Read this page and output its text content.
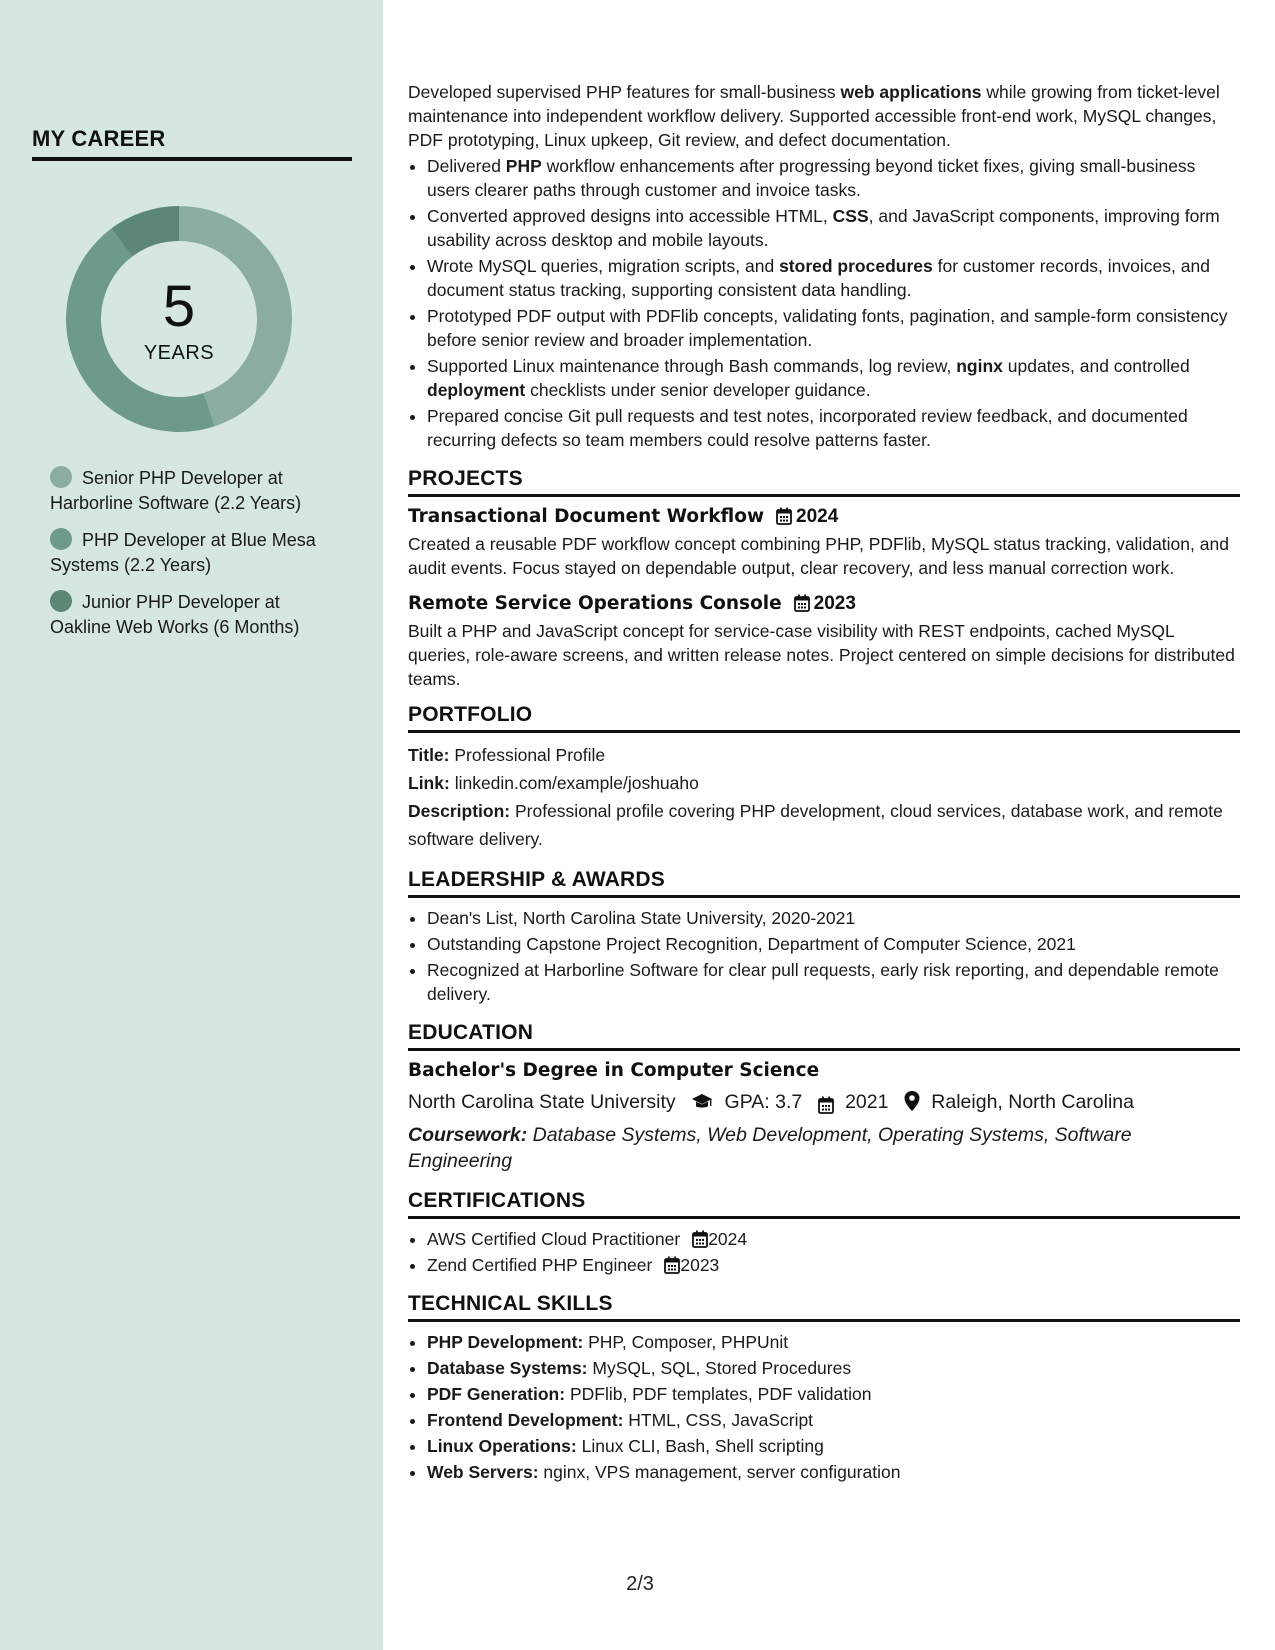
MY CAREER
5
YEARS
Senior PHP Developer at Harborline Software (2.2 Years)
PHP Developer at Blue Mesa Systems (2.2 Years)
Junior PHP Developer at Oakline Web Works (6 Months)

Developed supervised PHP features for small-business web applications while growing from ticket-level maintenance into independent workflow delivery. Supported accessible front-end work, MySQL changes, PDF prototyping, Linux upkeep, Git review, and defect documentation.

• Delivered PHP workflow enhancements after progressing beyond ticket fixes, giving small-business users clearer paths through customer and invoice tasks.
• Converted approved designs into accessible HTML, CSS, and JavaScript components, improving form usability across desktop and mobile layouts.
• Wrote MySQL queries, migration scripts, and stored procedures for customer records, invoices, and document status tracking, supporting consistent data handling.
• Prototyped PDF output with PDFlib concepts, validating fonts, pagination, and sample-form consistency before senior review and broader implementation.
• Supported Linux maintenance through Bash commands, log review, nginx updates, and controlled deployment checklists under senior developer guidance.
• Prepared concise Git pull requests and test notes, incorporated review feedback, and documented recurring defects so team members could resolve patterns faster.
PROJECTS
Transactional Document Workflow 2024
Created a reusable PDF workflow concept combining PHP, PDFlib, MySQL status tracking, validation, and audit events. Focus stayed on dependable output, clear recovery, and less manual correction work.
Remote Service Operations Console 2023
Built a PHP and JavaScript concept for service-case visibility with REST endpoints, cached MySQL queries, role-aware screens, and written release notes. Project centered on simple decisions for distributed teams.
PORTFOLIO
Title: Professional Profile
Link: linkedin.com/example/joshuaho
Description: Professional profile covering PHP development, cloud services, database work, and remote software delivery.
LEADERSHIP & AWARDS
• Dean's List, North Carolina State University, 2020-2021
• Outstanding Capstone Project Recognition, Department of Computer Science, 2021
• Recognized at Harborline Software for clear pull requests, early risk reporting, and dependable remote delivery.
EDUCATION
Bachelor's Degree in Computer Science
North Carolina State University	GPA: 3.7 2021 Raleigh, North Carolina
Coursework: Database Systems, Web Development, Operating Systems, Software Engineering
CERTIFICATIONS
• AWS Certified Cloud Practitioner 2024
• Zend Certified PHP Engineer 2023
TECHNICAL SKILLS
• PHP Development: PHP, Composer, PHPUnit
• Database Systems: MySQL, SQL, Stored Procedures
• PDF Generation: PDFlib, PDF templates, PDF validation
• Frontend Development: HTML, CSS, JavaScript
• Linux Operations: Linux CLI, Bash, Shell scripting
• Web Servers: nginx, VPS management, server configuration
2/3
